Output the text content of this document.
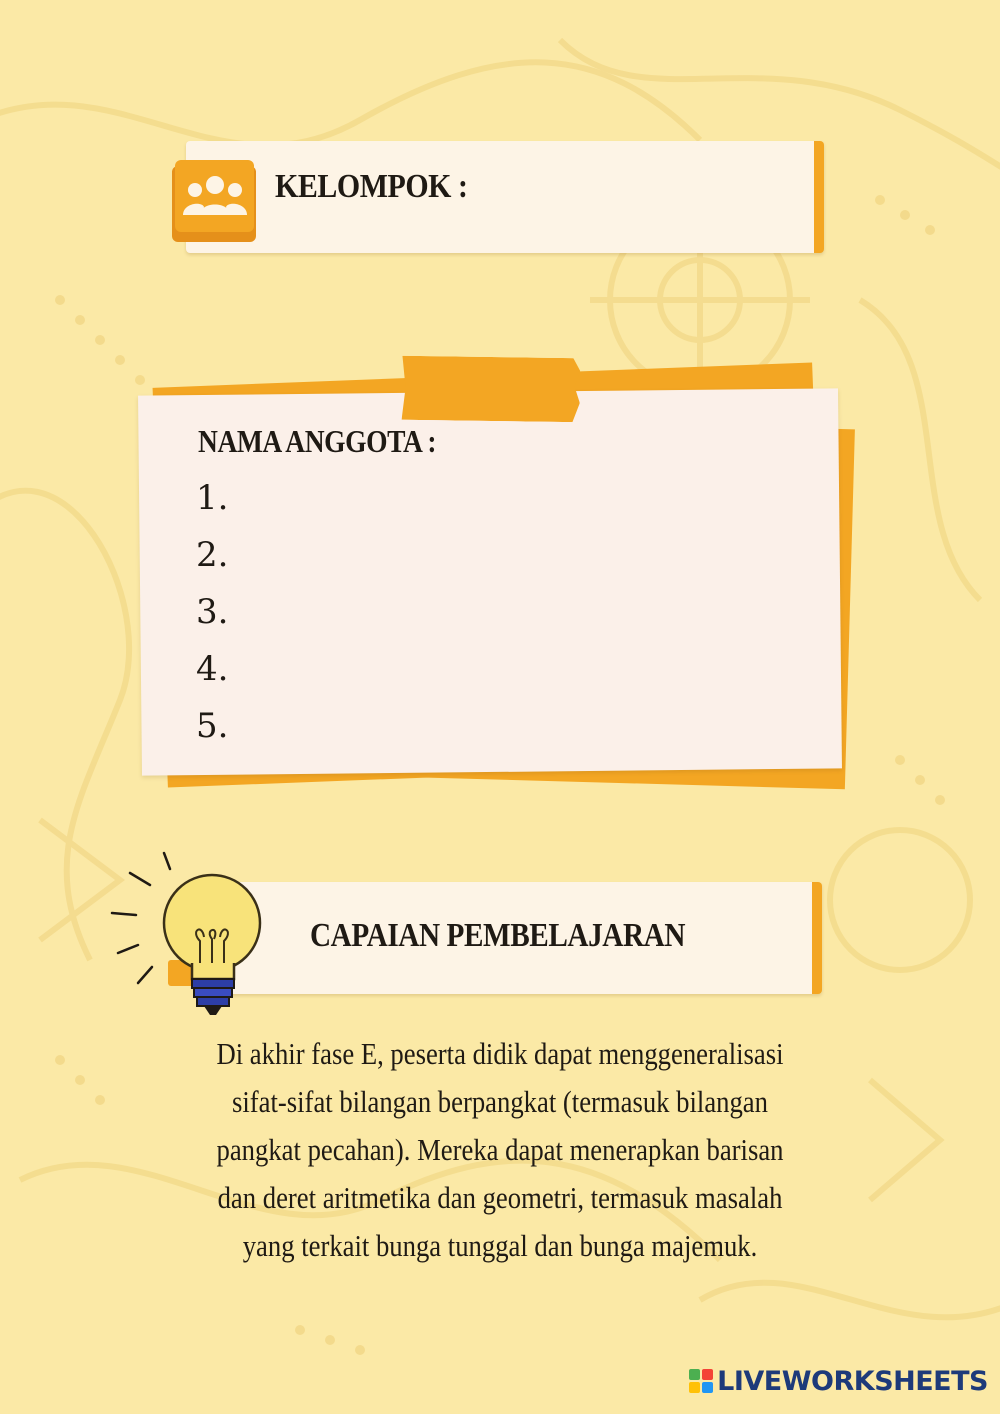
KELOMPOK :
NAMA ANGGOTA :
1.
2.
3.
4.
5.
CAPAIAN PEMBELAJARAN
Di akhir fase E, peserta didik dapat menggeneralisasi
sifat-sifat bilangan berpangkat (termasuk bilangan
pangkat pecahan). Mereka dapat menerapkan barisan
dan deret aritmetika dan geometri, termasuk masalah
yang terkait bunga tunggal dan bunga majemuk.
LIVEWORKSHEETS
